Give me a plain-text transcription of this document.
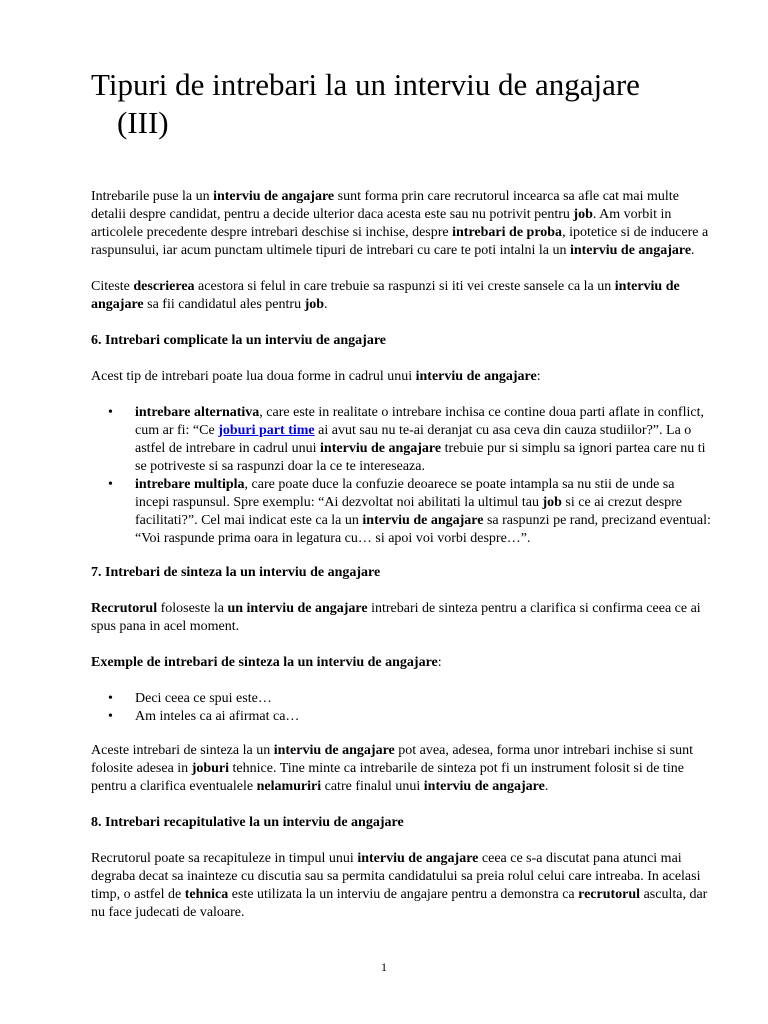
Tipuri de intrebari la un interviu de angajare
(III)

Intrebarile puse la un interviu de angajare sunt forma prin care recrutorul incearca sa afle cat mai multe detalii despre candidat, pentru a decide ulterior daca acesta este sau nu potrivit pentru job. Am vorbit in articolele precedente despre intrebari deschise si inchise, despre intrebari de proba, ipotetice si de inducere a raspunsului, iar acum punctam ultimele tipuri de intrebari cu care te poti intalni la un interviu de angajare.

Citeste descrierea acestora si felul in care trebuie sa raspunzi si iti vei creste sansele ca la un interviu de angajare sa fii candidatul ales pentru job.

6. Intrebari complicate la un interviu de angajare

Acest tip de intrebari poate lua doua forme in cadrul unui interviu de angajare:

• intrebare alternativa, care este in realitate o intrebare inchisa ce contine doua parti aflate in conflict, cum ar fi: “Ce joburi part time ai avut sau nu te-ai deranjat cu asa ceva din cauza studiilor?”. La o astfel de intrebare in cadrul unui interviu de angajare trebuie pur si simplu sa ignori partea care nu ti se potriveste si sa raspunzi doar la ce te intereseaza.
• intrebare multipla, care poate duce la confuzie deoarece se poate intampla sa nu stii de unde sa incepi raspunsul. Spre exemplu: “Ai dezvoltat noi abilitati la ultimul tau job si ce ai crezut despre facilitati?”. Cel mai indicat este ca la un interviu de angajare sa raspunzi pe rand, precizand eventual: “Voi raspunde prima oara in legatura cu… si apoi voi vorbi despre…”.
7. Intrebari de sinteza la un interviu de angajare

Recrutorul foloseste la un interviu de angajare intrebari de sinteza pentru a clarifica si confirma ceea ce ai spus pana in acel moment.

Exemple de intrebari de sinteza la un interviu de angajare:

• Deci ceea ce spui este…
• Am inteles ca ai afirmat ca…

Aceste intrebari de sinteza la un interviu de angajare pot avea, adesea, forma unor intrebari inchise si sunt folosite adesea in joburi tehnice. Tine minte ca intrebarile de sinteza pot fi un instrument folosit si de tine pentru a clarifica eventualele nelamuriri catre finalul unui interviu de angajare.

8. Intrebari recapitulative la un interviu de angajare

Recrutorul poate sa recapituleze in timpul unui interviu de angajare ceea ce s-a discutat pana atunci mai degraba decat sa inainteze cu discutia sau sa permita candidatului sa preia rolul celui care intreaba. In acelasi timp, o astfel de tehnica este utilizata la un interviu de angajare pentru a demonstra ca recrutorul asculta, dar nu face judecati de valoare.

1
